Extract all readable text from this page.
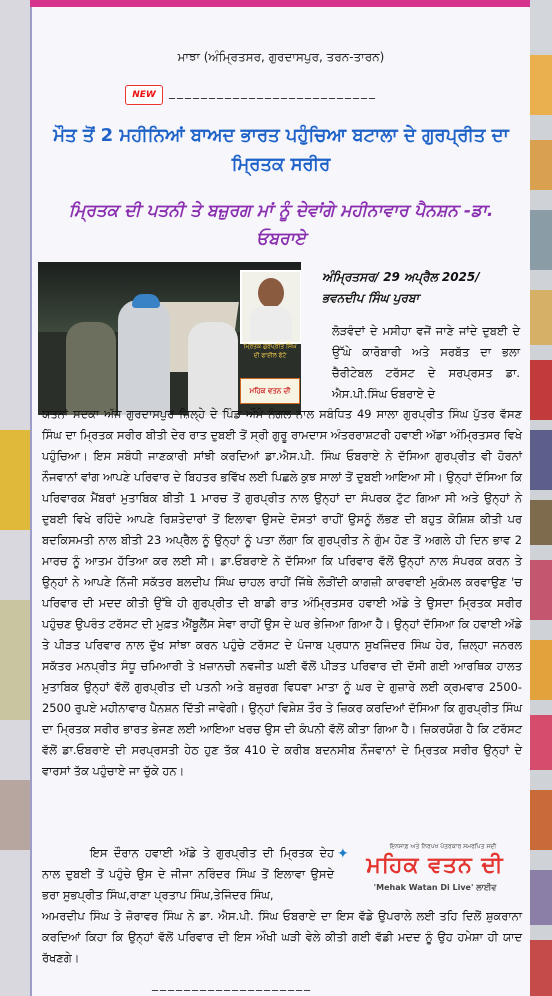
ਮਾਝਾ (ਅੰਮ੍ਰਿਤਸਰ, ਗੁਰਦਾਸਪੁਰ, ਤਰਨ-ਤਾਰਨ)
NEW	__________________________
ਮੌਤ ਤੋਂ 2 ਮਹੀਨਿਆਂ ਬਾਅਦ ਭਾਰਤ ਪਹੁੰਚਿਆ ਬਟਾਲਾ ਦੇ ਗੁਰਪ੍ਰੀਤ ਦਾ ਮ੍ਰਿਤਕ ਸਰੀਰ
ਮ੍ਰਿਤਕ ਦੀ ਪਤਨੀ ਤੇ ਬਜ਼ੁਰਗ ਮਾਂ ਨੂੰ ਦੇਵਾਂਗੇ ਮਹੀਨਾਵਾਰ ਪੈਨਸ਼ਨ -ਡਾ. ਓਬਰਾਏ
ਮ੍ਰਿਤਕ ਗੁਰਪ੍ਰੀਤ ਸਿੰਘ ਦੀ ਫਾਈਲ ਫੋਟੋ
ਮਹਿਕ ਵਤਨ ਦੀ
ਅੰਮ੍ਰਿਤਸਰ/ 29 ਅਪ੍ਰੈਲ 2025/
ਭਵਨਦੀਪ ਸਿੰਘ ਪੁਰਬਾ
ਲੋੜਵੰਦਾਂ ਦੇ ਮਸੀਹਾ ਵਜੋਂ ਜਾਣੇ ਜਾਂਦੇ ਦੁਬਈ ਦੇ ਉੱਘੇ ਕਾਰੋਬਾਰੀ ਅਤੇ ਸਰਬੱਤ ਦਾ ਭਲਾ ਚੈਰੀਟੇਬਲ ਟਰੱਸਟ ਦੇ ਸਰਪ੍ਰਸਤ ਡਾ. ਐਸ.ਪੀ.ਸਿੰਘ ਓਬਰਾਏ ਦੇ
ਯਤਨਾਂ ਸਦਕਾ ਅੱਜ ਗੁਰਦਾਸਪੁਰ ਜ਼ਿਲ੍ਹੇ ਦੇ ਪਿੰਡ ਔਮੇ ਨੰਗਲ ਨਾਲ ਸਬੰਧਿਤ 49 ਸਾਲਾ ਗੁਰਪ੍ਰੀਤ ਸਿੰਘ ਪੁੱਤਰ ਵੱਸਣ ਸਿੰਘ ਦਾ ਮ੍ਰਿਤਕ ਸਰੀਰ ਬੀਤੀ ਦੇਰ ਰਾਤ ਦੁਬਈ ਤੋਂ ਸ੍ਰੀ ਗੁਰੂ ਰਾਮਦਾਸ ਅੰਤਰਰਾਸ਼ਟਰੀ ਹਵਾਈ ਅੱਡਾ ਅੰਮ੍ਰਿਤਸਰ ਵਿਖੇ ਪਹੁੰਚਿਆ। ਇਸ ਸਬੰਧੀ ਜਾਣਕਾਰੀ ਸਾਂਝੀ ਕਰਦਿਆਂ ਡਾ.ਐਸ.ਪੀ. ਸਿੰਘ ਓਬਰਾਏ ਨੇ ਦੱਸਿਆ ਗੁਰਪ੍ਰੀਤ ਵੀ ਹੋਰਨਾਂ ਨੌਜਵਾਨਾਂ ਵਾਂਗ ਆਪਣੇ ਪਰਿਵਾਰ ਦੇ ਬਿਹਤਰ ਭਵਿੱਖ ਲਈ ਪਿਛਲੇ ਕੁਝ ਸਾਲਾਂ ਤੋਂ ਦੁਬਈ ਆਇਆ ਸੀ। ਉਨ੍ਹਾਂ ਦੱਸਿਆ ਕਿ ਪਰਿਵਾਰਕ ਮੈਂਬਰਾਂ ਮੁਤਾਬਿਕ ਬੀਤੀ 1 ਮਾਰਚ ਤੋਂ ਗੁਰਪ੍ਰੀਤ ਨਾਲ ਉਨ੍ਹਾਂ ਦਾ ਸੰਪਰਕ ਟੁੱਟ ਗਿਆ ਸੀ ਅਤੇ ਉਨ੍ਹਾਂ ਨੇ ਦੁਬਈ ਵਿਖੇ ਰਹਿੰਦੇ ਆਪਣੇ ਰਿਸ਼ਤੇਦਾਰਾਂ ਤੋਂ ਇਲਾਵਾ ਉਸਦੇ ਦੋਸਤਾਂ ਰਾਹੀਂ ਉਸਨੂੰ ਲੱਭਣ ਦੀ ਬਹੁਤ ਕੋਸ਼ਿਸ਼ ਕੀਤੀ ਪਰ ਬਦਕਿਸਮਤੀ ਨਾਲ ਬੀਤੀ 23 ਅਪ੍ਰੈਲ ਨੂੰ ਉਨ੍ਹਾਂ ਨੂੰ ਪਤਾ ਲੱਗਾ ਕਿ ਗੁਰਪ੍ਰੀਤ ਨੇ ਗੁੰਮ ਹੋਣ ਤੋਂ ਅਗਲੇ ਹੀ ਦਿਨ ਭਾਵ 2 ਮਾਰਚ ਨੂੰ ਆਤਮ ਹੱਤਿਆ ਕਰ ਲਈ ਸੀ। ਡਾ.ਓਬਰਾਏ ਨੇ ਦੱਸਿਆ ਕਿ ਪਰਿਵਾਰ ਵੱਲੋਂ ਉਨ੍ਹਾਂ ਨਾਲ ਸੰਪਰਕ ਕਰਨ ਤੇ ਉਨ੍ਹਾਂ ਨੇ ਆਪਣੇ ਨਿੱਜੀ ਸਕੱਤਰ ਬਲਦੀਪ ਸਿੰਘ ਚਾਹਲ ਰਾਹੀਂ ਜਿੱਥੇ ਲੋੜੀਂਦੀ ਕਾਗਜ਼ੀ ਕਾਰਵਾਈ ਮੁਕੰਮਲ ਕਰਵਾਉਣ 'ਚ ਪਰਿਵਾਰ ਦੀ ਮਦਦ ਕੀਤੀ ਉੱਥੇ ਹੀ ਗੁਰਪ੍ਰੀਤ ਦੀ ਬਾਡੀ ਰਾਤ ਅੰਮ੍ਰਿਤਸਰ ਹਵਾਈ ਅੱਡੇ ਤੇ ਉਸਦਾ ਮ੍ਰਿਤਕ ਸਰੀਰ ਪਹੁੰਚਣ ਉਪਰੰਤ ਟਰੱਸਟ ਦੀ ਮੁਫ਼ਤ ਐਂਬੂਲੈਂਸ ਸੇਵਾ ਰਾਹੀਂ ਉਸ ਦੇ ਘਰ ਭੇਜਿਆ ਗਿਆ ਹੈ। ਉਨ੍ਹਾਂ ਦੱਸਿਆ ਕਿ ਹਵਾਈ ਅੱਡੇ ਤੇ ਪੀੜਤ ਪਰਿਵਾਰ ਨਾਲ ਦੁੱਖ ਸਾਂਝਾ ਕਰਨ ਪਹੁੰਚੇ ਟਰੱਸਟ ਦੇ ਪੰਜਾਬ ਪ੍ਰਧਾਨ ਸੁਖਜਿੰਦਰ ਸਿੰਘ ਹੇਰ, ਜ਼ਿਲ੍ਹਾ ਜਨਰਲ ਸਕੱਤਰ ਮਨਪ੍ਰੀਤ ਸੰਧੂ ਚਮਿਆਰੀ ਤੇ ਖ਼ਜ਼ਾਨਚੀ ਨਵਜੀਤ ਘਈ ਵੱਲੋਂ ਪੀੜਤ ਪਰਿਵਾਰ ਦੀ ਦੱਸੀ ਗਈ ਆਰਥਿਕ ਹਾਲਤ ਮੁਤਾਬਿਕ ਉਨ੍ਹਾਂ ਵੱਲੋਂ ਗੁਰਪ੍ਰੀਤ ਦੀ ਪਤਨੀ ਅਤੇ ਬਜ਼ੁਰਗ ਵਿਧਵਾ ਮਾਤਾ ਨੂੰ ਘਰ ਦੇ ਗੁਜ਼ਾਰੇ ਲਈ ਕ੍ਰਮਵਾਰ 2500-2500 ਰੁਪਏ ਮਹੀਨਾਵਾਰ ਪੈਨਸ਼ਨ ਦਿੱਤੀ ਜਾਵੇਗੀ। ਉਨ੍ਹਾਂ ਵਿਸ਼ੇਸ਼ ਤੌਰ ਤੇ ਜ਼ਿਕਰ ਕਰਦਿਆਂ ਦੱਸਿਆ ਕਿ ਗੁਰਪ੍ਰੀਤ ਸਿੰਘ ਦਾ ਮ੍ਰਿਤਕ ਸਰੀਰ ਭਾਰਤ ਭੇਜਣ ਲਈ ਆਇਆ ਖਰਚ ਉਸ ਦੀ ਕੰਪਨੀ ਵੱਲੋਂ ਕੀਤਾ ਗਿਆ ਹੈ। ਜ਼ਿਕਰਯੋਗ ਹੈ ਕਿ ਟਰੱਸਟ ਵੱਲੋਂ ਡਾ.ਓਬਰਾਏ ਦੀ ਸਰਪ੍ਰਸਤੀ ਹੇਠ ਹੁਣ ਤੱਕ 410 ਦੇ ਕਰੀਬ ਬਦਨਸੀਬ ਨੌਜਵਾਨਾਂ ਦੇ ਮ੍ਰਿਤਕ ਸਰੀਰ ਉਨ੍ਹਾਂ ਦੇ ਵਾਰਸਾਂ ਤੱਕ ਪਹੁੰਚਾਏ ਜਾ ਚੁੱਕੇ ਹਨ।
ਇਸ ਦੌਰਾਨ ਹਵਾਈ ਅੱਡੇ ਤੇ ਗੁਰਪ੍ਰੀਤ ਦੀ ਮ੍ਰਿਤਕ ਦੇਹ ਨਾਲ ਦੁਬਈ ਤੋਂ ਪਹੁੰਚੇ ਉਸ ਦੇ ਜੀਜਾ ਨਰਿੰਦਰ ਸਿੰਘ ਤੋਂ ਇਲਾਵਾ ਉਸਦੇ ਭਰਾ ਸੁਭਪ੍ਰੀਤ ਸਿੰਘ,ਰਾਣਾ ਪ੍ਰਤਾਪ ਸਿੰਘ,ਤੇਜਿੰਦਰ ਸਿੰਘ,
✦	ਇਨਸਾਫ਼ ਅਤੇ ਨਿਰਪਖ ਪੱਤਰਕਾਰ ਸਮਰਪਿਤ ਸਦੀ
ਮਹਿਕ ਵਤਨ ਦੀ
'Mehak Watan Di Live' ਲਾਈਵ
ਅਮਰਦੀਪ ਸਿੰਘ ਤੇ ਜ਼ੋਰਾਵਰ ਸਿੰਘ ਨੇ ਡਾ. ਐਸ.ਪੀ. ਸਿੰਘ ਓਬਰਾਏ ਦਾ ਇਸ ਵੱਡੇ ਉਪਰਾਲੇ ਲਈ ਤਹਿ ਦਿਲੋਂ ਸ਼ੁਕਰਾਨਾ ਕਰਦਿਆਂ ਕਿਹਾ ਕਿ ਉਨ੍ਹਾਂ ਵੱਲੋਂ ਪਰਿਵਾਰ ਦੀ ਇਸ ਔਖੀ ਘੜੀ ਵੇਲੇ ਕੀਤੀ ਗਈ ਵੱਡੀ ਮਦਦ ਨੂੰ ਉਹ ਹਮੇਸ਼ਾ ਹੀ ਯਾਦ ਰੱਖਣਗੇ।
____________________
